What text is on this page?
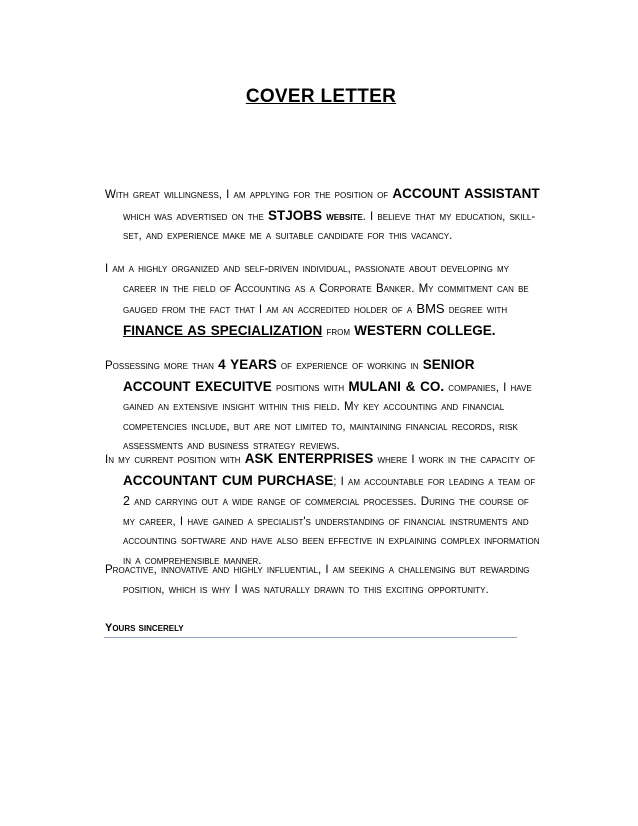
COVER LETTER
With great willingness, I am applying for the position of ACCOUNT ASSISTANT which was advertised on the STJOBS website. I believe that my education, skill-set, and experience make me a suitable candidate for this vacancy.
I am a highly organized and self-driven individual, passionate about developing my career in the field of Accounting as a Corporate Banker. My commitment can be gauged from the fact that I am an accredited holder of a BMS degree with FINANCE AS SPECIALIZATION from WESTERN COLLEGE.
Possessing more than 4 YEARS of experience of working in SENIOR ACCOUNT EXECUITVE positions with MULANI & CO. companies, I have gained an extensive insight within this field. My key accounting and financial competencies include, but are not limited to, maintaining financial records, risk assessments and business strategy reviews.
In my current position with ASK ENTERPRISES where I work in the capacity of ACCOUNTANT CUM PURCHASE; I am accountable for leading a team of 2 and carrying out a wide range of commercial processes. During the course of my career, I have gained a specialist's understanding of financial instruments and accounting software and have also been effective in explaining complex information in a comprehensible manner.
Proactive, innovative and highly influential, I am seeking a challenging but rewarding position, which is why I was naturally drawn to this exciting opportunity.
Yours sincerely
